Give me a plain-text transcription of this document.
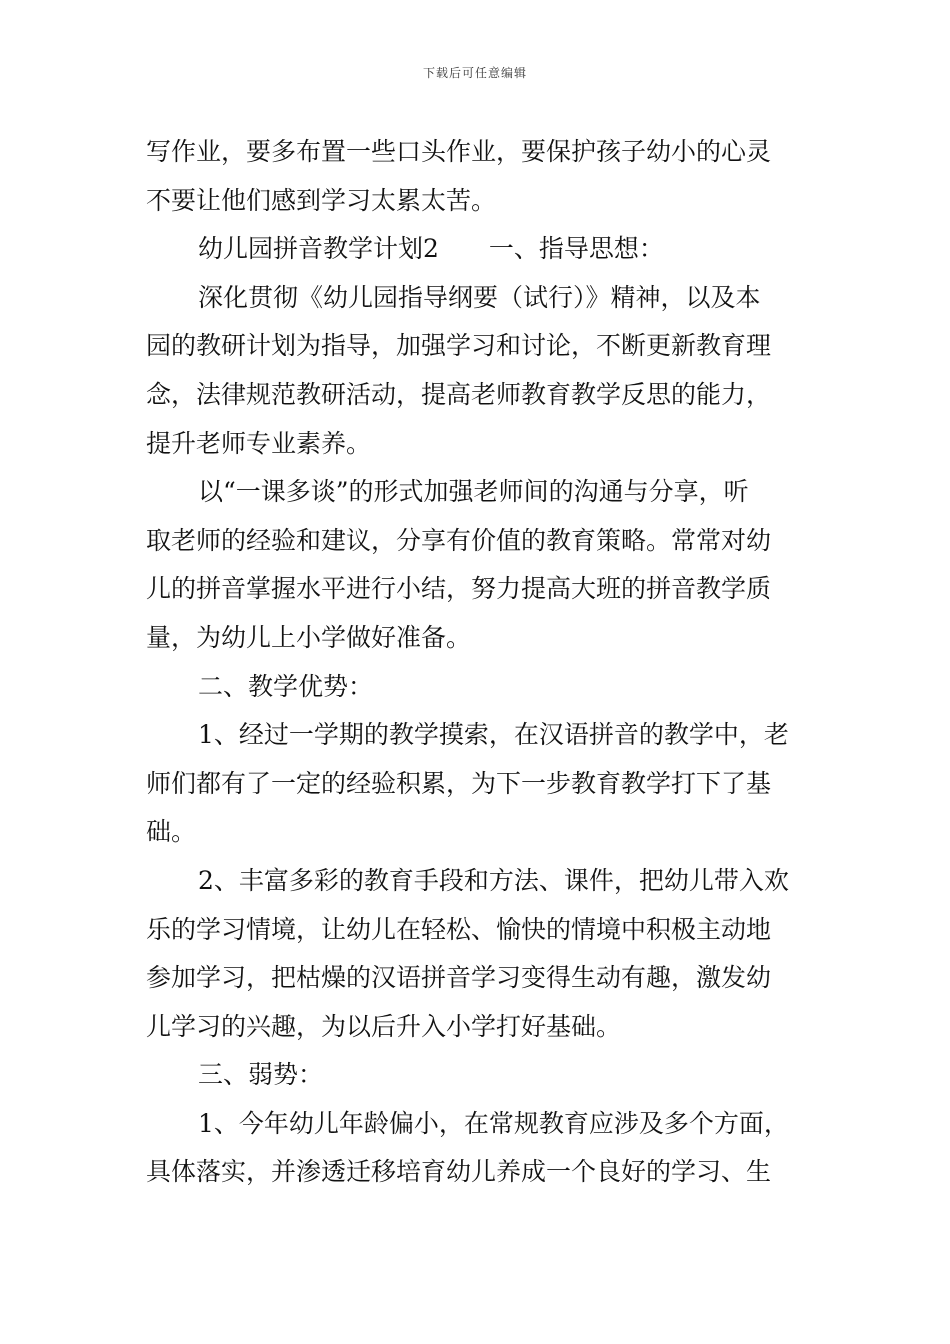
下载后可任意编辑
写作业，要多布置一些口头作业，要保护孩子幼小的心灵
不要让他们感到学习太累太苦。
幼儿园拼音教学计划2　　一、指导思想：
深化贯彻《幼儿园指导纲要（试行）》精神，以及本
园的教研计划为指导，加强学习和讨论，不断更新教育理
念，法律规范教研活动，提高老师教育教学反思的能力，
提升老师专业素养。
以“一课多谈”的形式加强老师间的沟通与分享，听
取老师的经验和建议，分享有价值的教育策略。常常对幼
儿的拼音掌握水平进行小结，努力提高大班的拼音教学质
量，为幼儿上小学做好准备。
二、教学优势：
1、经过一学期的教学摸索，在汉语拼音的教学中，老
师们都有了一定的经验积累，为下一步教育教学打下了基
础。
2、丰富多彩的教育手段和方法、课件，把幼儿带入欢
乐的学习情境，让幼儿在轻松、愉快的情境中积极主动地
参加学习，把枯燥的汉语拼音学习变得生动有趣，激发幼
儿学习的兴趣，为以后升入小学打好基础。
三、弱势：
1、今年幼儿年龄偏小，在常规教育应涉及多个方面，
具体落实，并渗透迁移培育幼儿养成一个良好的学习、生
